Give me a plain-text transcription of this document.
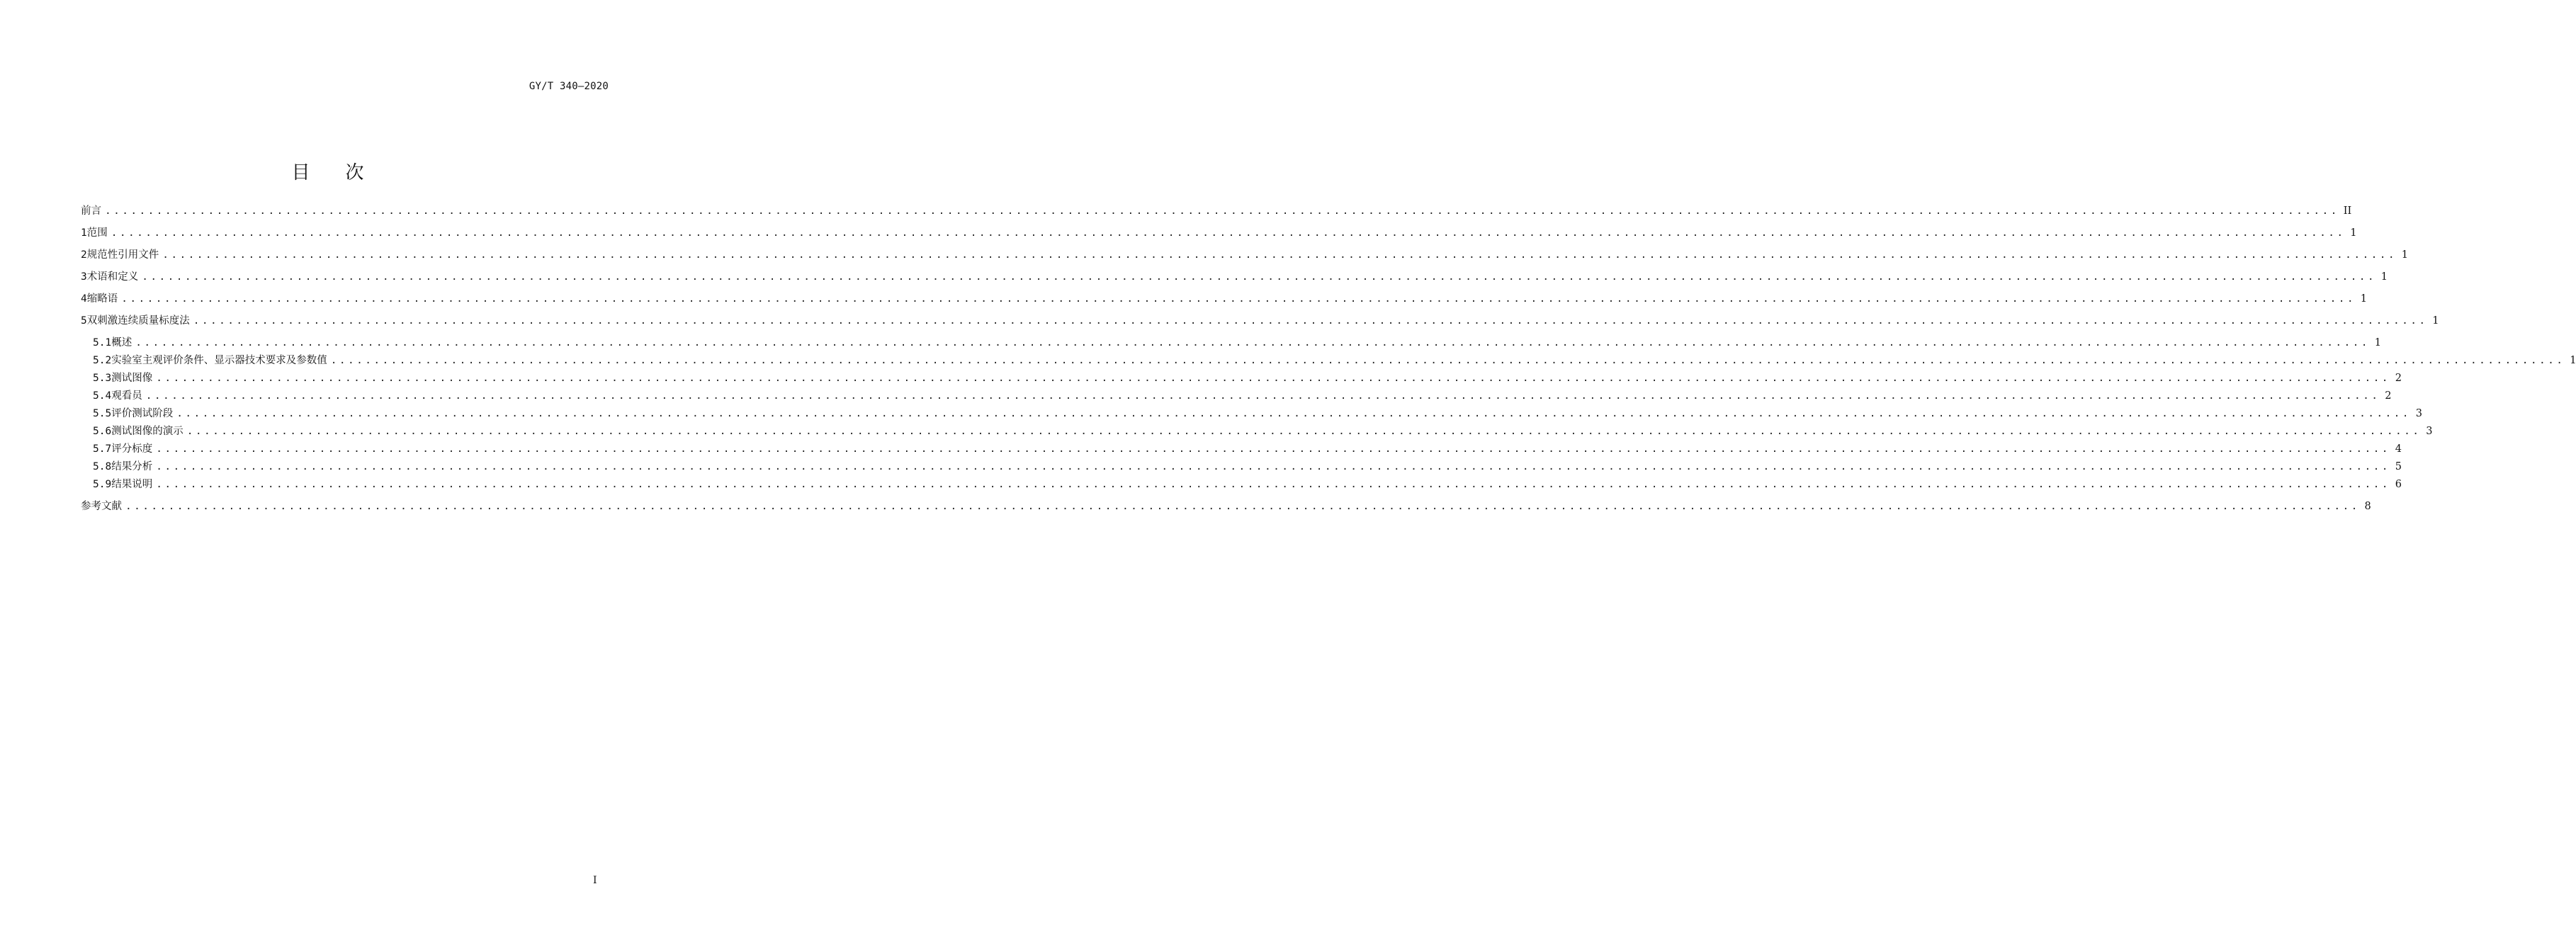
GY/T 340—2020
目次
前言 .................................................................................................................................................................................................................................................................... II
1 范围 .................................................................................................................................................................................................................................................................... 1
2 规范性引用文件 .................................................................................................................................................................................................................................................................... 1
3 术语和定义 .................................................................................................................................................................................................................................................................... 1
4 缩略语 .................................................................................................................................................................................................................................................................... 1
5 双刺激连续质量标度法 .................................................................................................................................................................................................................................................................... 1
5.1 概述 .................................................................................................................................................................................................................................................................... 1
5.2 实验室主观评价条件、显示器技术要求及参数值 .................................................................................................................................................................................................................................................................... 1
5.3 测试图像 .................................................................................................................................................................................................................................................................... 2
5.4 观看员 .................................................................................................................................................................................................................................................................... 2
5.5 评价测试阶段 .................................................................................................................................................................................................................................................................... 3
5.6 测试图像的演示 .................................................................................................................................................................................................................................................................... 3
5.7 评分标度 .................................................................................................................................................................................................................................................................... 4
5.8 结果分析 .................................................................................................................................................................................................................................................................... 5
5.9 结果说明 .................................................................................................................................................................................................................................................................... 6
参考文献 .................................................................................................................................................................................................................................................................... 8
I
